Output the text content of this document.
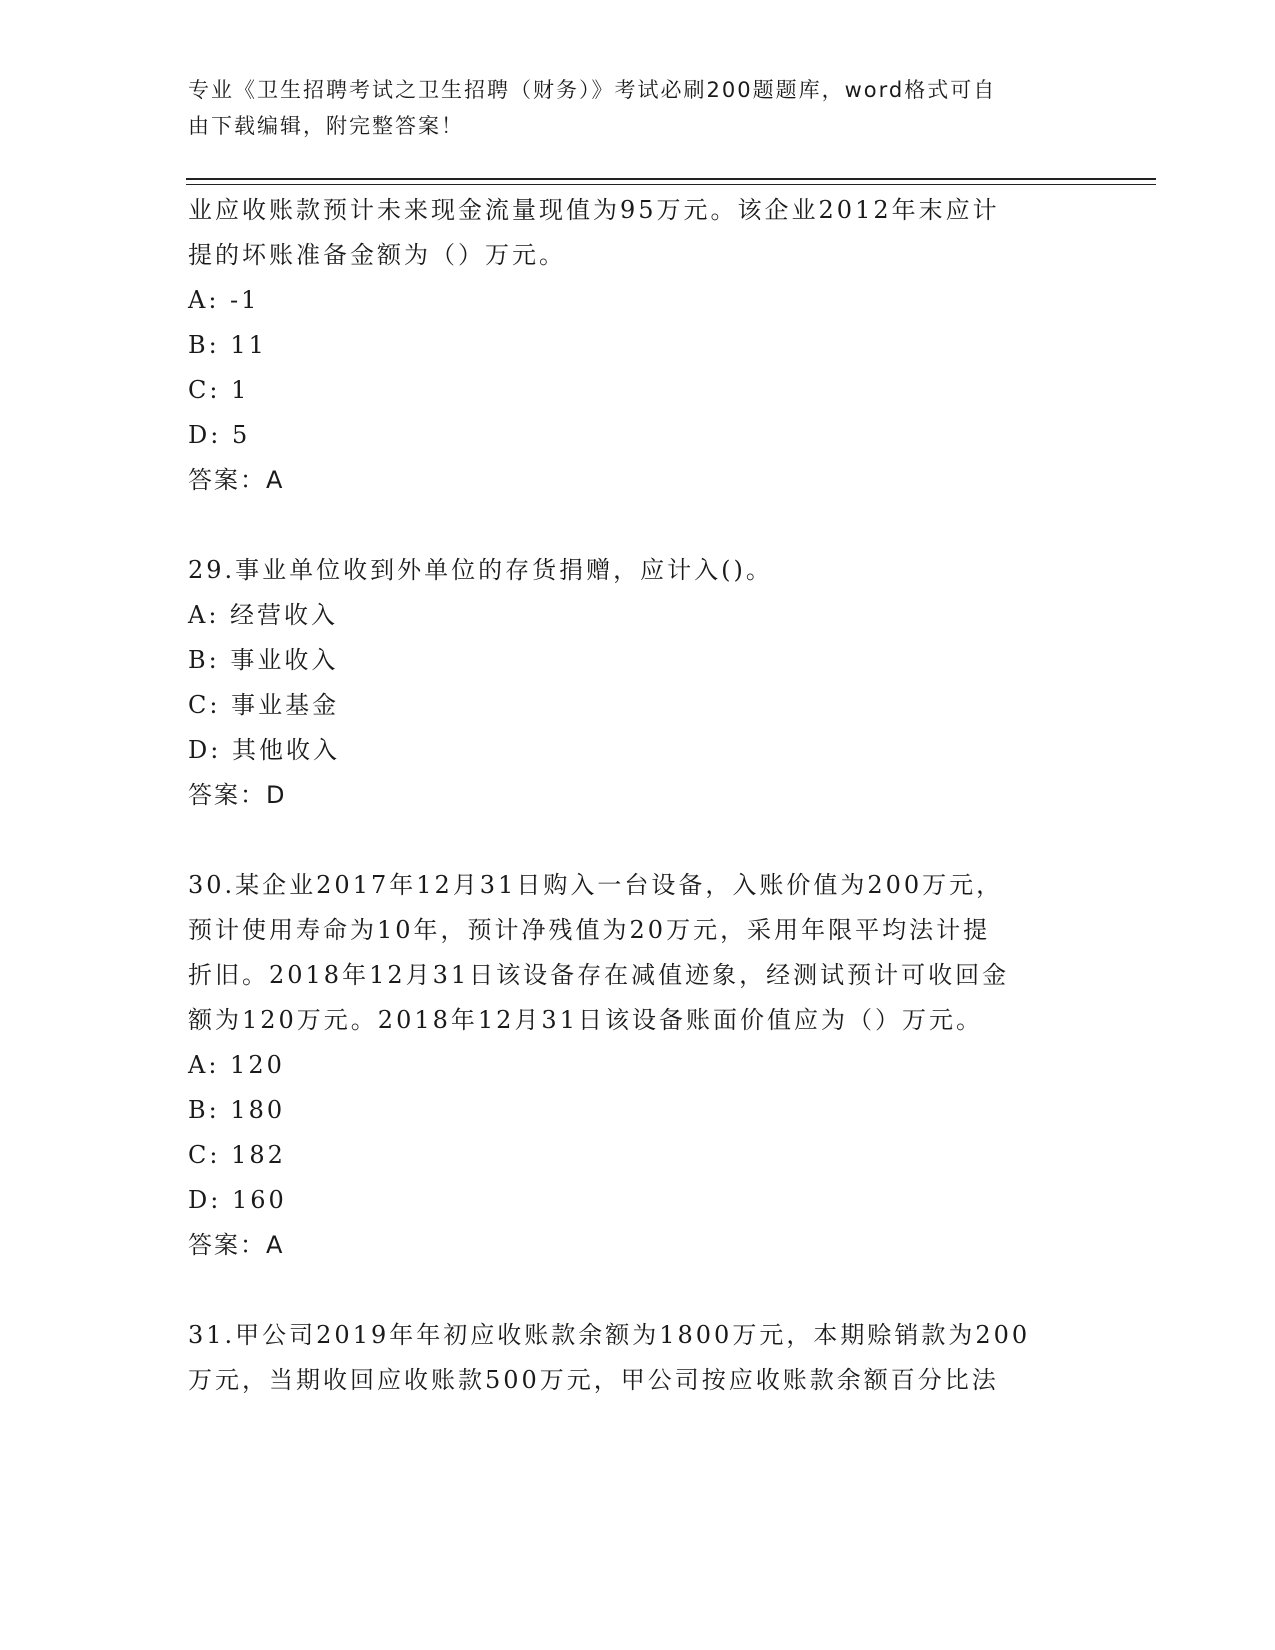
专业《卫生招聘考试之卫生招聘（财务）》考试必刷200题题库，word格式可自
由下载编辑，附完整答案！
业应收账款预计未来现金流量现值为95万元。该企业2012年末应计
提的坏账准备金额为（）万元。
A: -1
B: 11
C: 1
D: 5
答案：A
29.事业单位收到外单位的存货捐赠，应计入()。
A: 经营收入
B: 事业收入
C: 事业基金
D: 其他收入
答案：D
30.某企业2017年12月31日购入一台设备，入账价值为200万元，
预计使用寿命为10年，预计净残值为20万元，采用年限平均法计提
折旧。2018年12月31日该设备存在减值迹象，经测试预计可收回金
额为120万元。2018年12月31日该设备账面价值应为（）万元。
A: 120
B: 180
C: 182
D: 160
答案：A
31.甲公司2019年年初应收账款余额为1800万元，本期赊销款为200
万元，当期收回应收账款500万元，甲公司按应收账款余额百分比法
